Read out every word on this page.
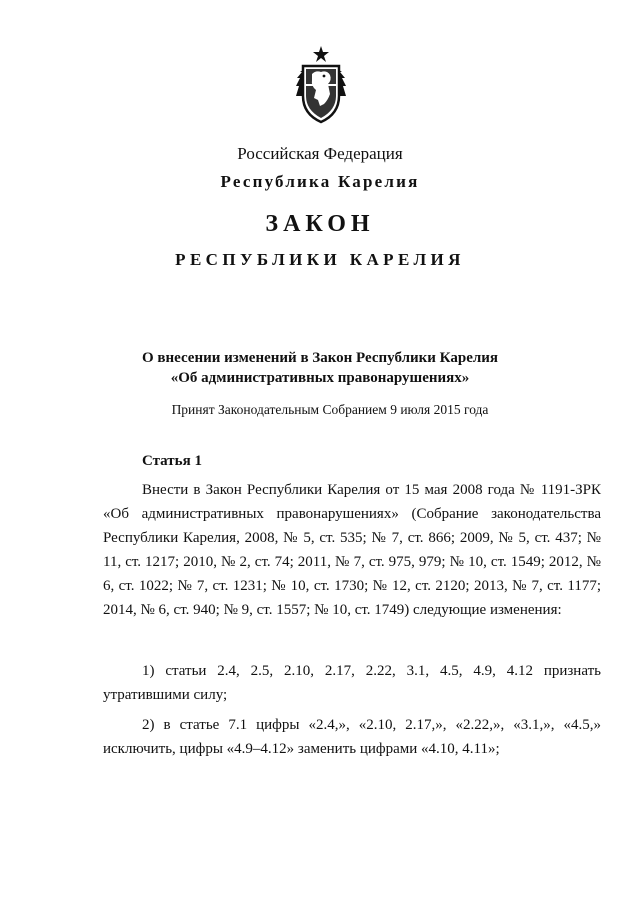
Российская Федерация
Республика Карелия
ЗАКОН
РЕСПУБЛИКИ КАРЕЛИЯ
О внесении изменений в Закон Республики Карелия
«Об административных правонарушениях»
Принят Законодательным Собранием 9 июля 2015 года
Статья 1
Внести в Закон Республики Карелия от 15 мая 2008 года № 1191-ЗРК «Об административных правонарушениях» (Собрание законодательства Республики Карелия, 2008, № 5, ст. 535; № 7, ст. 866; 2009, № 5, ст. 437; № 11, ст. 1217; 2010, № 2, ст. 74; 2011, № 7, ст. 975, 979; № 10, ст. 1549; 2012, № 6, ст. 1022; № 7, ст. 1231; № 10, ст. 1730; № 12, ст. 2120; 2013, № 7, ст. 1177; 2014, № 6, ст. 940; № 9, ст. 1557; № 10, ст. 1749) следующие изменения:
1) статьи 2.4, 2.5, 2.10, 2.17, 2.22, 3.1, 4.5, 4.9, 4.12 признать утратившими силу;
2) в статье 7.1 цифры «2.4,», «2.10, 2.17,», «2.22,», «3.1,», «4.5,» исключить, цифры «4.9–4.12» заменить цифрами «4.10, 4.11»;
